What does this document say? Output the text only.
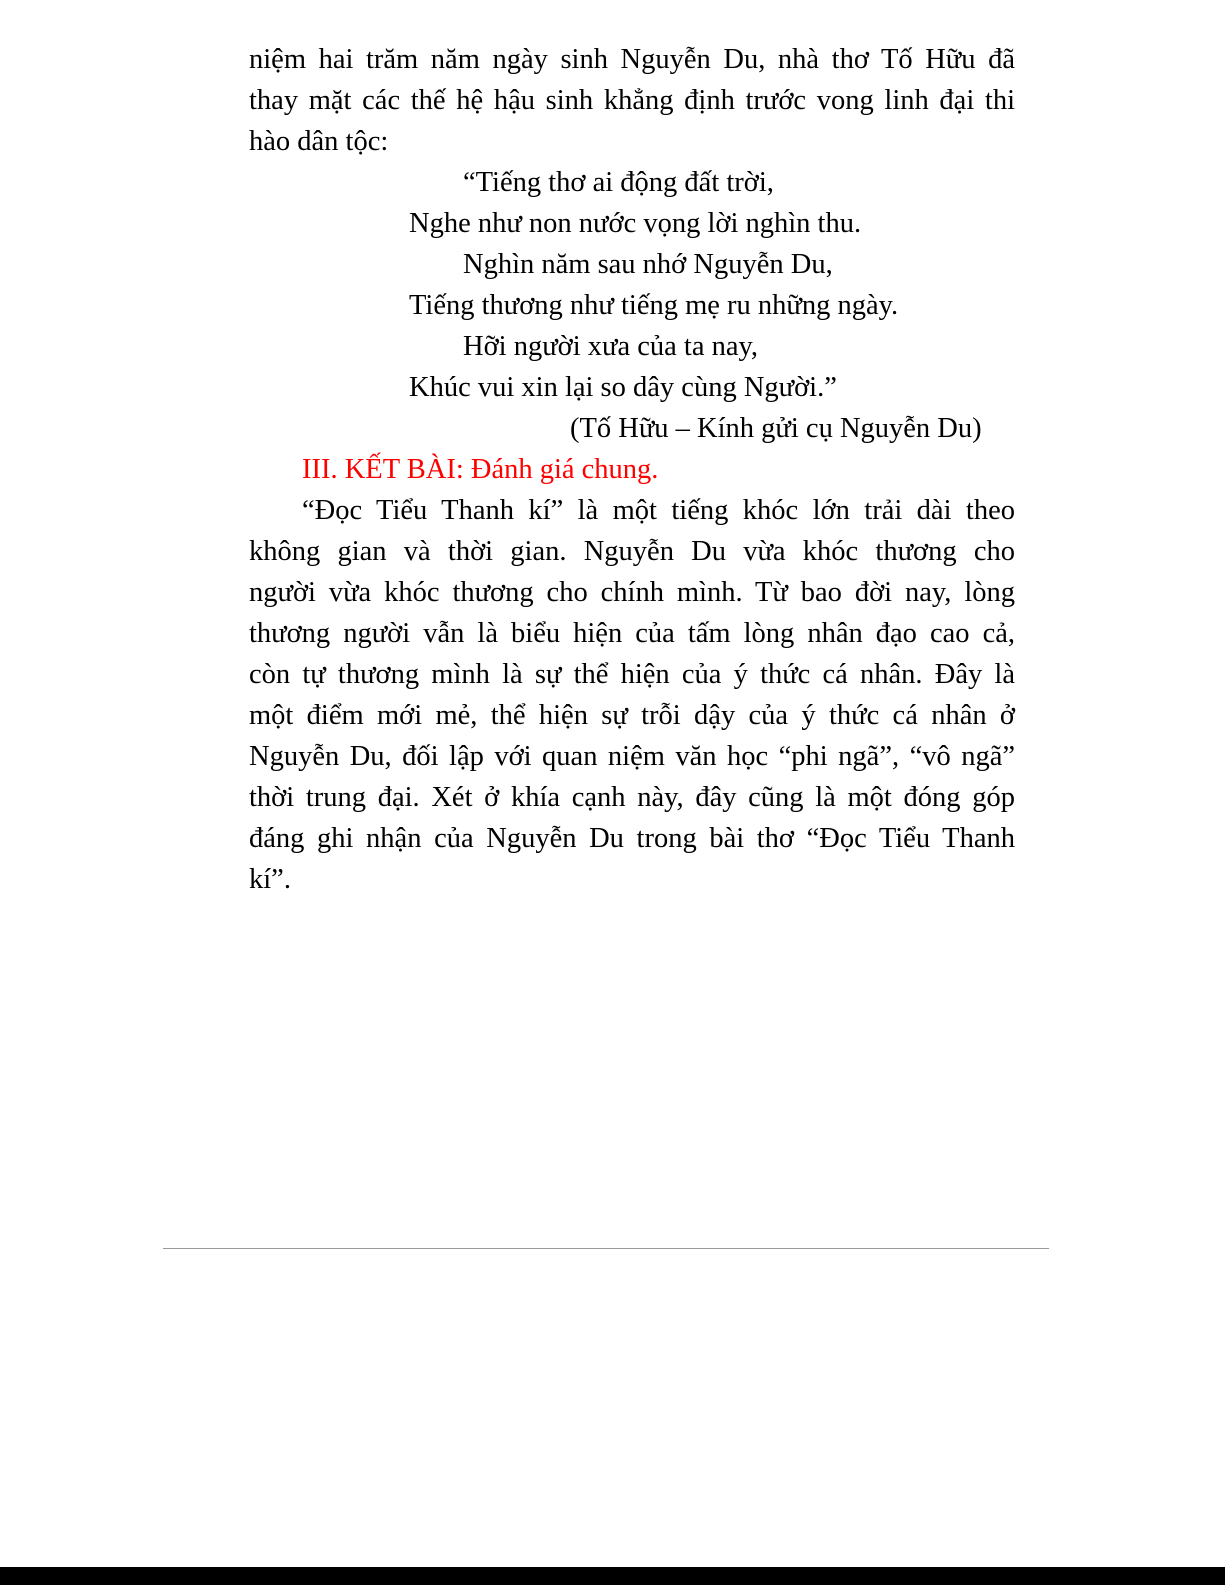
niệm hai trăm năm ngày sinh Nguyễn Du, nhà thơ Tố Hữu đã
thay mặt các thế hệ hậu sinh khẳng định trước vong linh đại thi
hào dân tộc:
“Tiếng thơ ai động đất trời,
Nghe như non nước vọng lời nghìn thu.
Nghìn năm sau nhớ Nguyễn Du,
Tiếng thương như tiếng mẹ ru những ngày.
Hỡi người xưa của ta nay,
Khúc vui xin lại so dây cùng Người.”
(Tố Hữu – Kính gửi cụ Nguyễn Du)
III. KẾT BÀI: Đánh giá chung.
“Đọc Tiểu Thanh kí” là một tiếng khóc lớn trải dài theo
không gian và thời gian. Nguyễn Du vừa khóc thương cho
người vừa khóc thương cho chính mình. Từ bao đời nay, lòng
thương người vẫn là biểu hiện của tấm lòng nhân đạo cao cả,
còn tự thương mình là sự thể hiện của ý thức cá nhân. Đây là
một điểm mới mẻ, thể hiện sự trỗi dậy của ý thức cá nhân ở
Nguyễn Du, đối lập với quan niệm văn học “phi ngã”, “vô ngã”
thời trung đại. Xét ở khía cạnh này, đây cũng là một đóng góp
đáng ghi nhận của Nguyễn Du trong bài thơ “Đọc Tiểu Thanh
kí”.
